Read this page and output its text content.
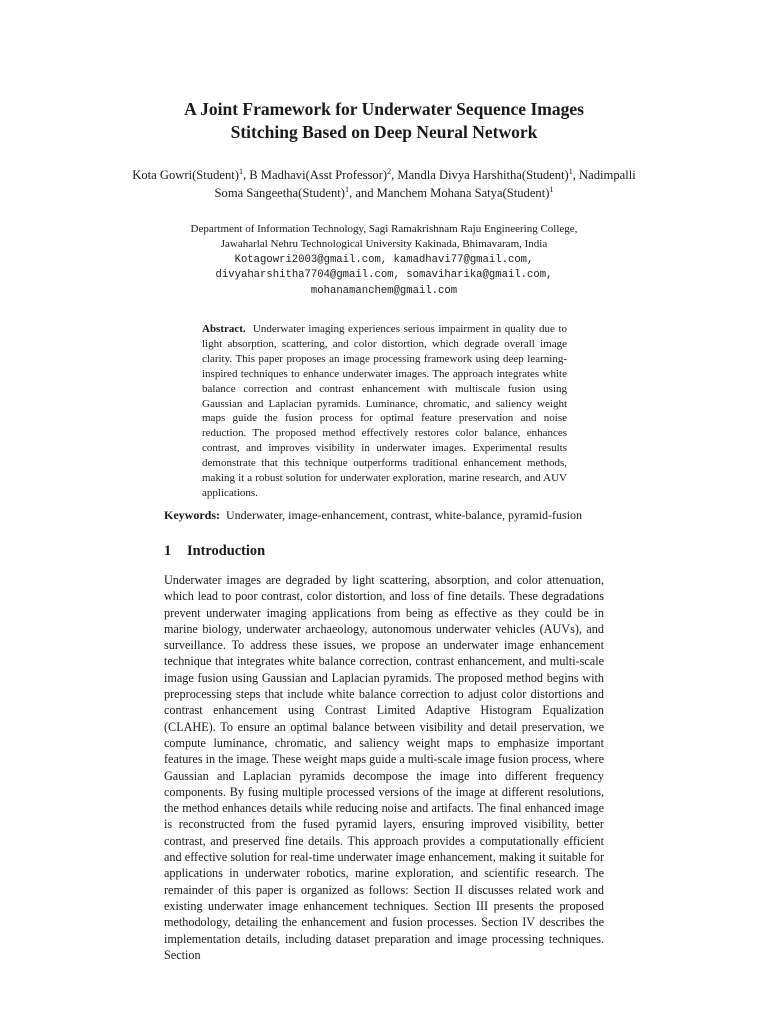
A Joint Framework for Underwater Sequence Images
Stitching Based on Deep Neural Network
Kota Gowri(Student)$^1$, B Madhavi(Asst Professor)$^2$, Mandla Divya Harshitha(Student)$^1$, Nadimpalli Soma Sangeetha(Student)$^1$, and Manchem Mohana Satya(Student)$^1$
Department of Information Technology, Sagi Ramakrishnam Raju Engineering College,
Jawaharlal Nehru Technological University Kakinada, Bhimavaram, India
Kotagowri2003@gmail.com, kamadhavi77@gmail.com,
divyaharshitha7704@gmail.com, somaviharika@gmail.com,
mohanamanchem@gmail.com

Abstract. Underwater imaging experiences serious impairment in quality due to light absorption, scattering, and color distortion, which degrade overall image clarity. This paper proposes an image processing framework using deep learning-inspired techniques to enhance underwater images. The approach integrates white balance correction and contrast enhancement with multiscale fusion using Gaussian and Laplacian pyramids. Luminance, chromatic, and saliency weight maps guide the fusion process for optimal feature preservation and noise reduction. The proposed method effectively restores color balance, enhances contrast, and improves visibility in underwater images. Experimental results demonstrate that this technique outperforms traditional enhancement methods, making it a robust solution for underwater exploration, marine research, and AUV applications.

Keywords: Underwater, image-enhancement, contrast, white-balance, pyramid-fusion
1 Introduction

Underwater images are degraded by light scattering, absorption, and color attenuation, which lead to poor contrast, color distortion, and loss of fine details. These degradations prevent underwater imaging applications from being as effective as they could be in marine biology, underwater archaeology, autonomous underwater vehicles (AUVs), and surveillance. To address these issues, we propose an underwater image enhancement technique that integrates white balance correction, contrast enhancement, and multi-scale image fusion using Gaussian and Laplacian pyramids. The proposed method begins with preprocessing steps that include white balance correction to adjust color distortions and contrast enhancement using Contrast Limited Adaptive Histogram Equalization (CLAHE). To ensure an optimal balance between visibility and detail preservation, we compute luminance, chromatic, and saliency weight maps to emphasize important features in the image. These weight maps guide a multi-scale image fusion process, where Gaussian and Laplacian pyramids decompose the image into different frequency components. By fusing multiple processed versions of the image at different resolutions, the method enhances details while reducing noise and artifacts. The final enhanced image is reconstructed from the fused pyramid layers, ensuring improved visibility, better contrast, and preserved fine details. This approach provides a computationally efficient and effective solution for real-time underwater image enhancement, making it suitable for applications in underwater robotics, marine exploration, and scientific research. The remainder of this paper is organized as follows: Section II discusses related work and existing underwater image enhancement techniques. Section III presents the proposed methodology, detailing the enhancement and fusion processes. Section IV describes the implementation details, including dataset preparation and image processing techniques. Section
